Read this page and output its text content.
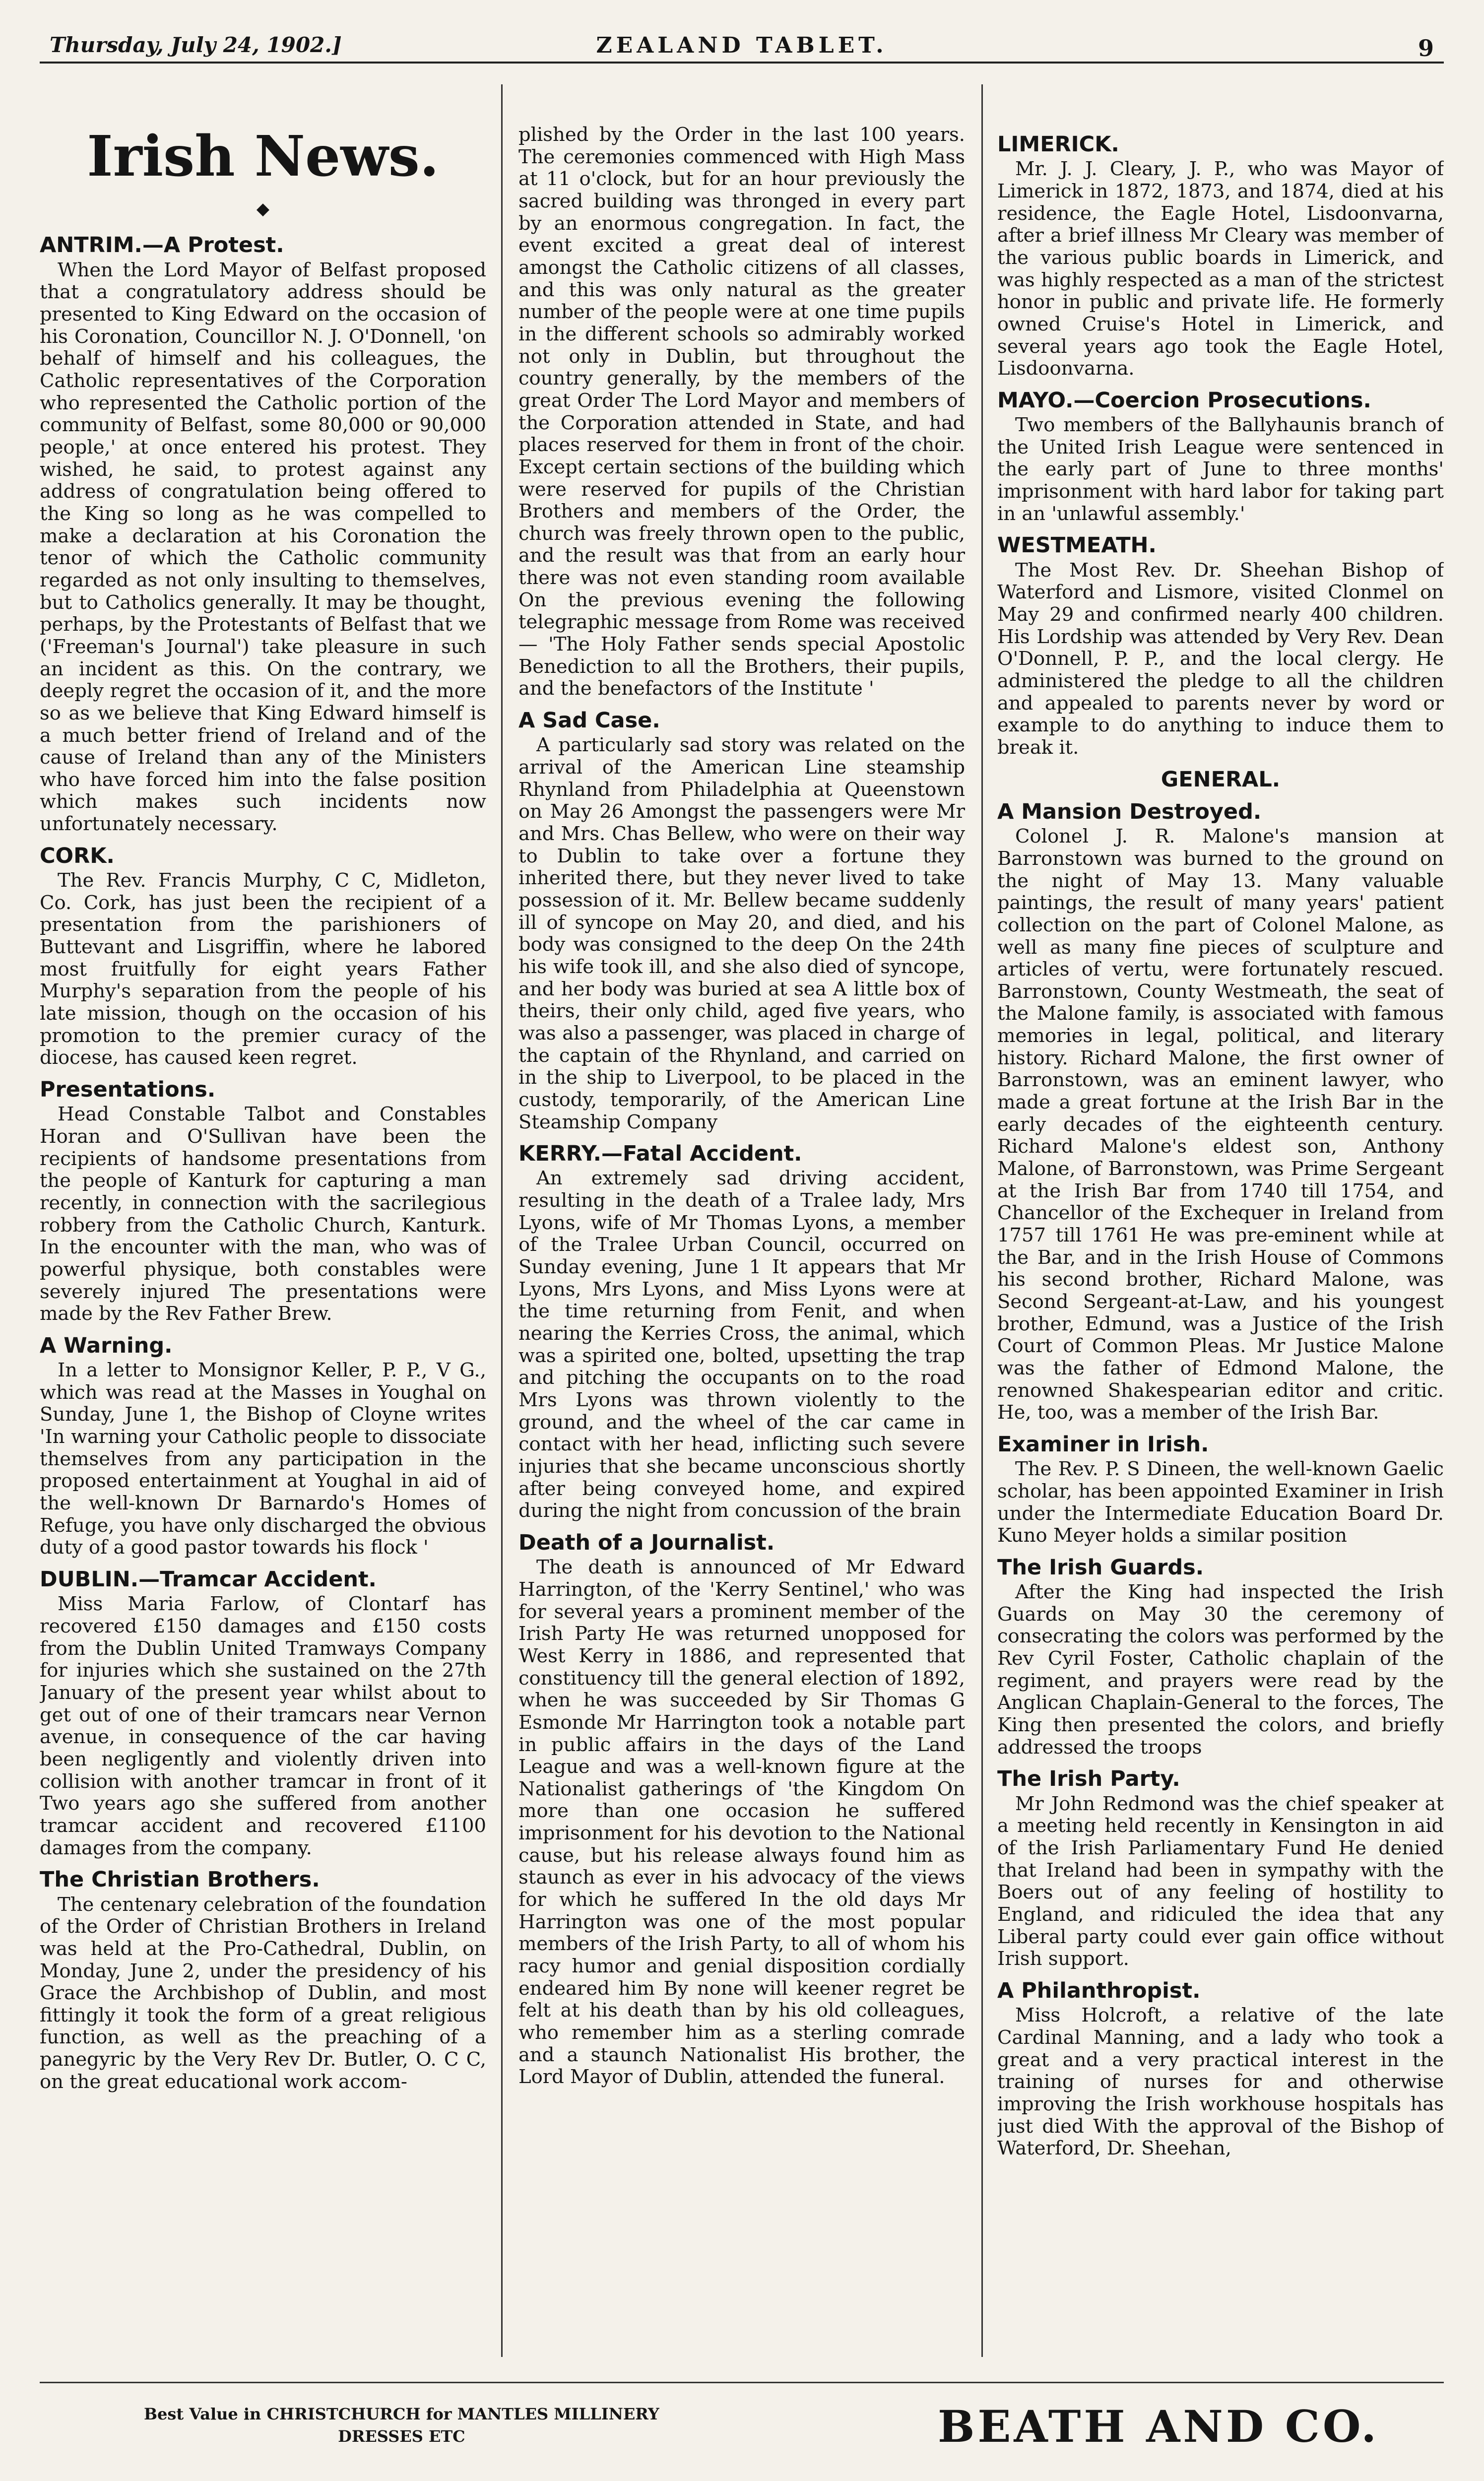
Thursday, July 24, 1902.]	ZEALAND TABLET.	9
Irish News.
◆
ANTRIM.—A Protest.

When the Lord Mayor of Belfast proposed that a congratulatory address should be presented to King Edward on the occasion of his Coronation, Councillor N. J. O'Donnell, 'on behalf of himself and his colleagues, the Catholic representatives of the Corporation who represented the Catholic portion of the community of Belfast, some 80,000 or 90,000 people,' at once entered his protest. They wished, he said, to protest against any address of congratulation being offered to the King so long as he was compelled to make a declaration at his Coronation the tenor of which the Catholic community regarded as not only insulting to themselves, but to Catholics generally. It may be thought, perhaps, by the Protestants of Belfast that we ('Freeman's Journal') take pleasure in such an incident as this. On the contrary, we deeply regret the occasion of it, and the more so as we believe that King Edward himself is a much better friend of Ireland and of the cause of Ireland than any of the Ministers who have forced him into the false position which makes such incidents now unfortunately necessary.

CORK.

The Rev. Francis Murphy, C C, Midleton, Co. Cork, has just been the recipient of a presentation from the parishioners of Buttevant and Lisgriffin, where he labored most fruitfully for eight years Father Murphy's separation from the people of his late mission, though on the occasion of his promotion to the premier curacy of the diocese, has caused keen regret.

Presentations.

Head Constable Talbot and Constables Horan and O'Sullivan have been the recipients of handsome presentations from the people of Kanturk for capturing a man recently, in connection with the sacrilegious robbery from the Catholic Church, Kanturk. In the encounter with the man, who was of powerful physique, both constables were severely injured The presentations were made by the Rev Father Brew.

A Warning.

In a letter to Monsignor Keller, P. P., V G., which was read at the Masses in Youghal on Sunday, June 1, the Bishop of Cloyne writes 'In warning your Catholic people to dissociate themselves from any participation in the proposed entertainment at Youghal in aid of the well-known Dr Barnardo's Homes of Refuge, you have only discharged the obvious duty of a good pastor towards his flock '

DUBLIN.—Tramcar Accident.

Miss Maria Farlow, of Clontarf has recovered £150 damages and £150 costs from the Dublin United Tramways Company for injuries which she sustained on the 27th January of the present year whilst about to get out of one of their tramcars near Vernon avenue, in consequence of the car having been negligently and violently driven into collision with another tramcar in front of it Two years ago she suffered from another tramcar accident and recovered £1100 damages from the company.

The Christian Brothers.

The centenary celebration of the foundation of the Order of Christian Brothers in Ireland was held at the Pro-Cathedral, Dublin, on Monday, June 2, under the presidency of his Grace the Archbishop of Dublin, and most fittingly it took the form of a great religious function, as well as the preaching of a panegyric by the Very Rev Dr. Butler, O. C C, on the great educational work accom-

plished by the Order in the last 100 years. The ceremonies commenced with High Mass at 11 o'clock, but for an hour previously the sacred building was thronged in every part by an enormous congregation. In fact, the event excited a great deal of interest amongst the Catholic citizens of all classes, and this was only natural as the greater number of the people were at one time pupils in the different schools so admirably worked not only in Dublin, but throughout the country generally, by the members of the great Order The Lord Mayor and members of the Corporation attended in State, and had places reserved for them in front of the choir. Except certain sections of the building which were reserved for pupils of the Christian Brothers and members of the Order, the church was freely thrown open to the public, and the result was that from an early hour there was not even standing room available On the previous evening the following telegraphic message from Rome was received — 'The Holy Father sends special Apostolic Benediction to all the Brothers, their pupils, and the benefactors of the Institute '

A Sad Case.

A particularly sad story was related on the arrival of the American Line steamship Rhynland from Philadelphia at Queenstown on May 26 Amongst the passengers were Mr and Mrs. Chas Bellew, who were on their way to Dublin to take over a fortune they inherited there, but they never lived to take possession of it. Mr. Bellew became suddenly ill of syncope on May 20, and died, and his body was consigned to the deep On the 24th his wife took ill, and she also died of syncope, and her body was buried at sea A little box of theirs, their only child, aged five years, who was also a passenger, was placed in charge of the captain of the Rhynland, and carried on in the ship to Liverpool, to be placed in the custody, temporarily, of the American Line Steamship Company

KERRY.—Fatal Accident.

An extremely sad driving accident, resulting in the death of a Tralee lady, Mrs Lyons, wife of Mr Thomas Lyons, a member of the Tralee Urban Council, occurred on Sunday evening, June 1 It appears that Mr Lyons, Mrs Lyons, and Miss Lyons were at the time returning from Fenit, and when nearing the Kerries Cross, the animal, which was a spirited one, bolted, upsetting the trap and pitching the occupants on to the road Mrs Lyons was thrown violently to the ground, and the wheel of the car came in contact with her head, inflicting such severe injuries that she became unconscious shortly after being conveyed home, and expired during the night from concussion of the brain

Death of a Journalist.

The death is announced of Mr Edward Harrington, of the 'Kerry Sentinel,' who was for several years a prominent member of the Irish Party He was returned unopposed for West Kerry in 1886, and represented that constituency till the general election of 1892, when he was succeeded by Sir Thomas G Esmonde Mr Harrington took a notable part in public affairs in the days of the Land League and was a well-known figure at the Nationalist gatherings of 'the Kingdom On more than one occasion he suffered imprisonment for his devotion to the National cause, but his release always found him as staunch as ever in his advocacy of the views for which he suffered In the old days Mr Harrington was one of the most popular members of the Irish Party, to all of whom his racy humor and genial disposition cordially endeared him By none will keener regret be felt at his death than by his old colleagues, who remember him as a sterling comrade and a staunch Nationalist His brother, the Lord Mayor of Dublin, attended the funeral.

LIMERICK.

Mr. J. J. Cleary, J. P., who was Mayor of Limerick in 1872, 1873, and 1874, died at his residence, the Eagle Hotel, Lisdoonvarna, after a brief illness Mr Cleary was member of the various public boards in Limerick, and was highly respected as a man of the strictest honor in public and private life. He formerly owned Cruise's Hotel in Limerick, and several years ago took the Eagle Hotel, Lisdoonvarna.

MAYO.—Coercion Prosecutions.

Two members of the Ballyhaunis branch of the United Irish League were sentenced in the early part of June to three months' imprisonment with hard labor for taking part in an 'unlawful assembly.'

WESTMEATH.

The Most Rev. Dr. Sheehan Bishop of Waterford and Lismore, visited Clonmel on May 29 and confirmed nearly 400 children. His Lordship was attended by Very Rev. Dean O'Donnell, P. P., and the local clergy. He administered the pledge to all the children and appealed to parents never by word or example to do anything to induce them to break it.

GENERAL.
A Mansion Destroyed.

Colonel J. R. Malone's mansion at Barronstown was burned to the ground on the night of May 13. Many valuable paintings, the result of many years' patient collection on the part of Colonel Malone, as well as many fine pieces of sculpture and articles of vertu, were fortunately rescued. Barronstown, County Westmeath, the seat of the Malone family, is associated with famous memories in legal, political, and literary history. Richard Malone, the first owner of Barronstown, was an eminent lawyer, who made a great fortune at the Irish Bar in the early decades of the eighteenth century. Richard Malone's eldest son, Anthony Malone, of Barronstown, was Prime Sergeant at the Irish Bar from 1740 till 1754, and Chancellor of the Exchequer in Ireland from 1757 till 1761 He was pre-eminent while at the Bar, and in the Irish House of Commons his second brother, Richard Malone, was Second Sergeant-at-Law, and his youngest brother, Edmund, was a Justice of the Irish Court of Common Pleas. Mr Justice Malone was the father of Edmond Malone, the renowned Shakespearian editor and critic. He, too, was a member of the Irish Bar.

Examiner in Irish.

The Rev. P. S Dineen, the well-known Gaelic scholar, has been appointed Examiner in Irish under the Intermediate Education Board Dr. Kuno Meyer holds a similar position

The Irish Guards.

After the King had inspected the Irish Guards on May 30 the ceremony of consecrating the colors was performed by the Rev Cyril Foster, Catholic chaplain of the regiment, and prayers were read by the Anglican Chaplain-General to the forces, The King then presented the colors, and briefly addressed the troops

The Irish Party.

Mr John Redmond was the chief speaker at a meeting held recently in Kensington in aid of the Irish Parliamentary Fund He denied that Ireland had been in sympathy with the Boers out of any feeling of hostility to England, and ridiculed the idea that any Liberal party could ever gain office without Irish support.

A Philanthropist.

Miss Holcroft, a relative of the late Cardinal Manning, and a lady who took a great and a very practical interest in the training of nurses for and otherwise improving the Irish workhouse hospitals has just died With the approval of the Bishop of Waterford, Dr. Sheehan,

Best Value in CHRISTCHURCH for MANTLES MILLINERY
DRESSES ETC	BEATH AND CO.
